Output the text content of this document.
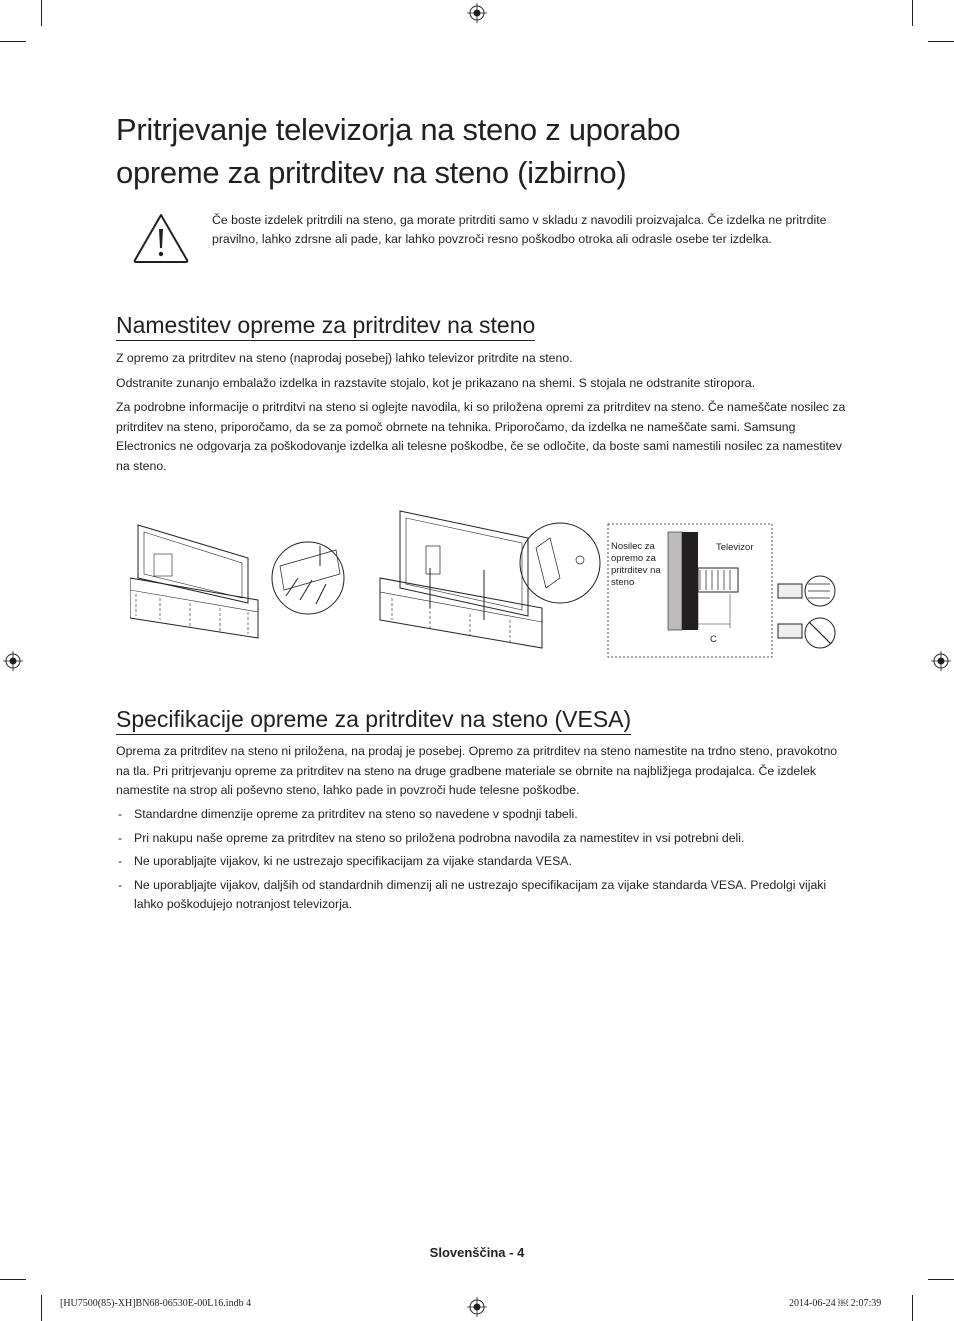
Pritrjevanje televizorja na steno z uporabo
opreme za pritrditev na steno (izbirno)
Če boste izdelek pritrdili na steno, ga morate pritrditi samo v skladu z navodili proizvajalca. Če izdelka ne pritrdite pravilno, lahko zdrsne ali pade, kar lahko povzroči resno poškodbo otroka ali odrasle osebe ter izdelka.
Namestitev opreme za pritrditev na steno
Z opremo za pritrditev na steno (naprodaj posebej) lahko televizor pritrdite na steno.
Odstranite zunanjo embalažo izdelka in razstavite stojalo, kot je prikazano na shemi. S stojala ne odstranite stiropora.
Za podrobne informacije o pritrditvi na steno si oglejte navodila, ki so priložena opremi za pritrditev na steno. Če nameščate nosilec za pritrditev na steno, priporočamo, da se za pomoč obrnete na tehnika. Priporočamo, da izdelka ne nameščate sami. Samsung Electronics ne odgovarja za poškodovanje izdelka ali telesne poškodbe, če se odločite, da boste sami namestili nosilec za namestitev na steno.
Nosilec za opremo za pritrditev na steno
Televizor
C
Specifikacije opreme za pritrditev na steno (VESA)
Oprema za pritrditev na steno ni priložena, na prodaj je posebej. Opremo za pritrditev na steno namestite na trdno steno, pravokotno na tla. Pri pritrjevanju opreme za pritrditev na steno na druge gradbene materiale se obrnite na najbližjega prodajalca. Če izdelek namestite na strop ali poševno steno, lahko pade in povzroči hude telesne poškodbe.
- Standardne dimenzije opreme za pritrditev na steno so navedene v spodnji tabeli.
- Pri nakupu naše opreme za pritrditev na steno so priložena podrobna navodila za namestitev in vsi potrebni deli.
- Ne uporabljajte vijakov, ki ne ustrezajo specifikacijam za vijake standarda VESA.
- Ne uporabljajte vijakov, daljših od standardnih dimenzij ali ne ustrezajo specifikacijam za vijake standarda VESA. Predolgi vijaki lahko poškodujejo notranjost televizorja.
Slovenščina - 4
[HU7500(85)-XH]BN68-06530E-00L16.indb 4	2014-06-24 ￼ 2:07:39
